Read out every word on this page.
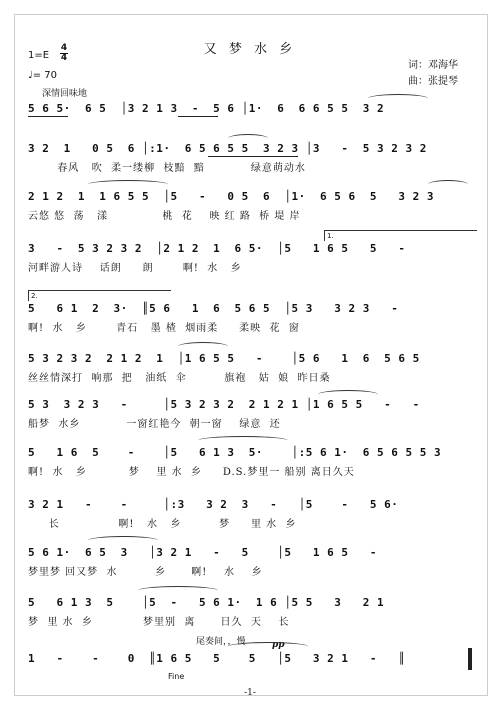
又 梦 水 乡
1=E
4
4
♩= 70
词：邓海华
曲：张提琴
深情回味地
5 6 5·  6 5  │3 2 1 3  -  5 6 │1·  6  6 6 5 5  3 2
3 2  1   0 5  6 │:1·  6 5 6 5 5  3 2 3 │3   -  5 3 2 3 2
春风   吹  柔一缕柳  枝黯  黯           绿意萌动水
2 1 2  1  1 6 5 5  │5   -   0 5  6  │1·  6 5 6  5   3 2 3
云悠 悠  荡   漾             桃  花    映 红 路  桥 堤 岸
3   -  5 3 2 3 2  │2 1 2  1  6 5·  │5   1 6 5   5   -
河畔游人诗    话朗     朗       啊!  水   乡
1.
5   6 1  2  3·  ║5 6   1  6  5 6 5  │5 3   3 2 3   -
啊!  水   乡       青石   墨 楂  烟雨柔     柔映  花  窗
2.
5 3 2 3 2  2 1 2  1  │1 6 5 5   -    │5 6   1  6  5 6 5
丝丝情深打  响那  把   油纸  伞         旗袍   姑  娘  昨日桑
5 3  3 2 3   -     │5 3 2 3 2  2 1 2 1 │1 6 5 5   -   -
船梦  水乡           一窗红艳今  朝一窗    绿意  还
5   1 6  5    -    │5   6 1 3  5·    │:5 6 1·  6 5 6 5 5 3
啊!  水   乡          梦    里 水  乡     D.S.梦里一 船别 离日久天
3 2 1   -    -     │:3   3 2  3   -   │5    -   5 6·
长              啊!   水   乡         梦     里 水  乡
5 6 1·  6 5  3   │3 2 1   -   5    │5   1 6 5   -
梦里梦 回又梦  水         乡      啊!    水    乡
5   6 1 3  5    │5  -   5 6 1·  1 6 │5 5   3   2 1
梦  里 水  乡            梦里别  离      日久  天    长
尾奏间，，慢	pp
1   -    -    0  ║1 6 5   5    5   │5   3 2 1   -   ║
Fine
-1-
